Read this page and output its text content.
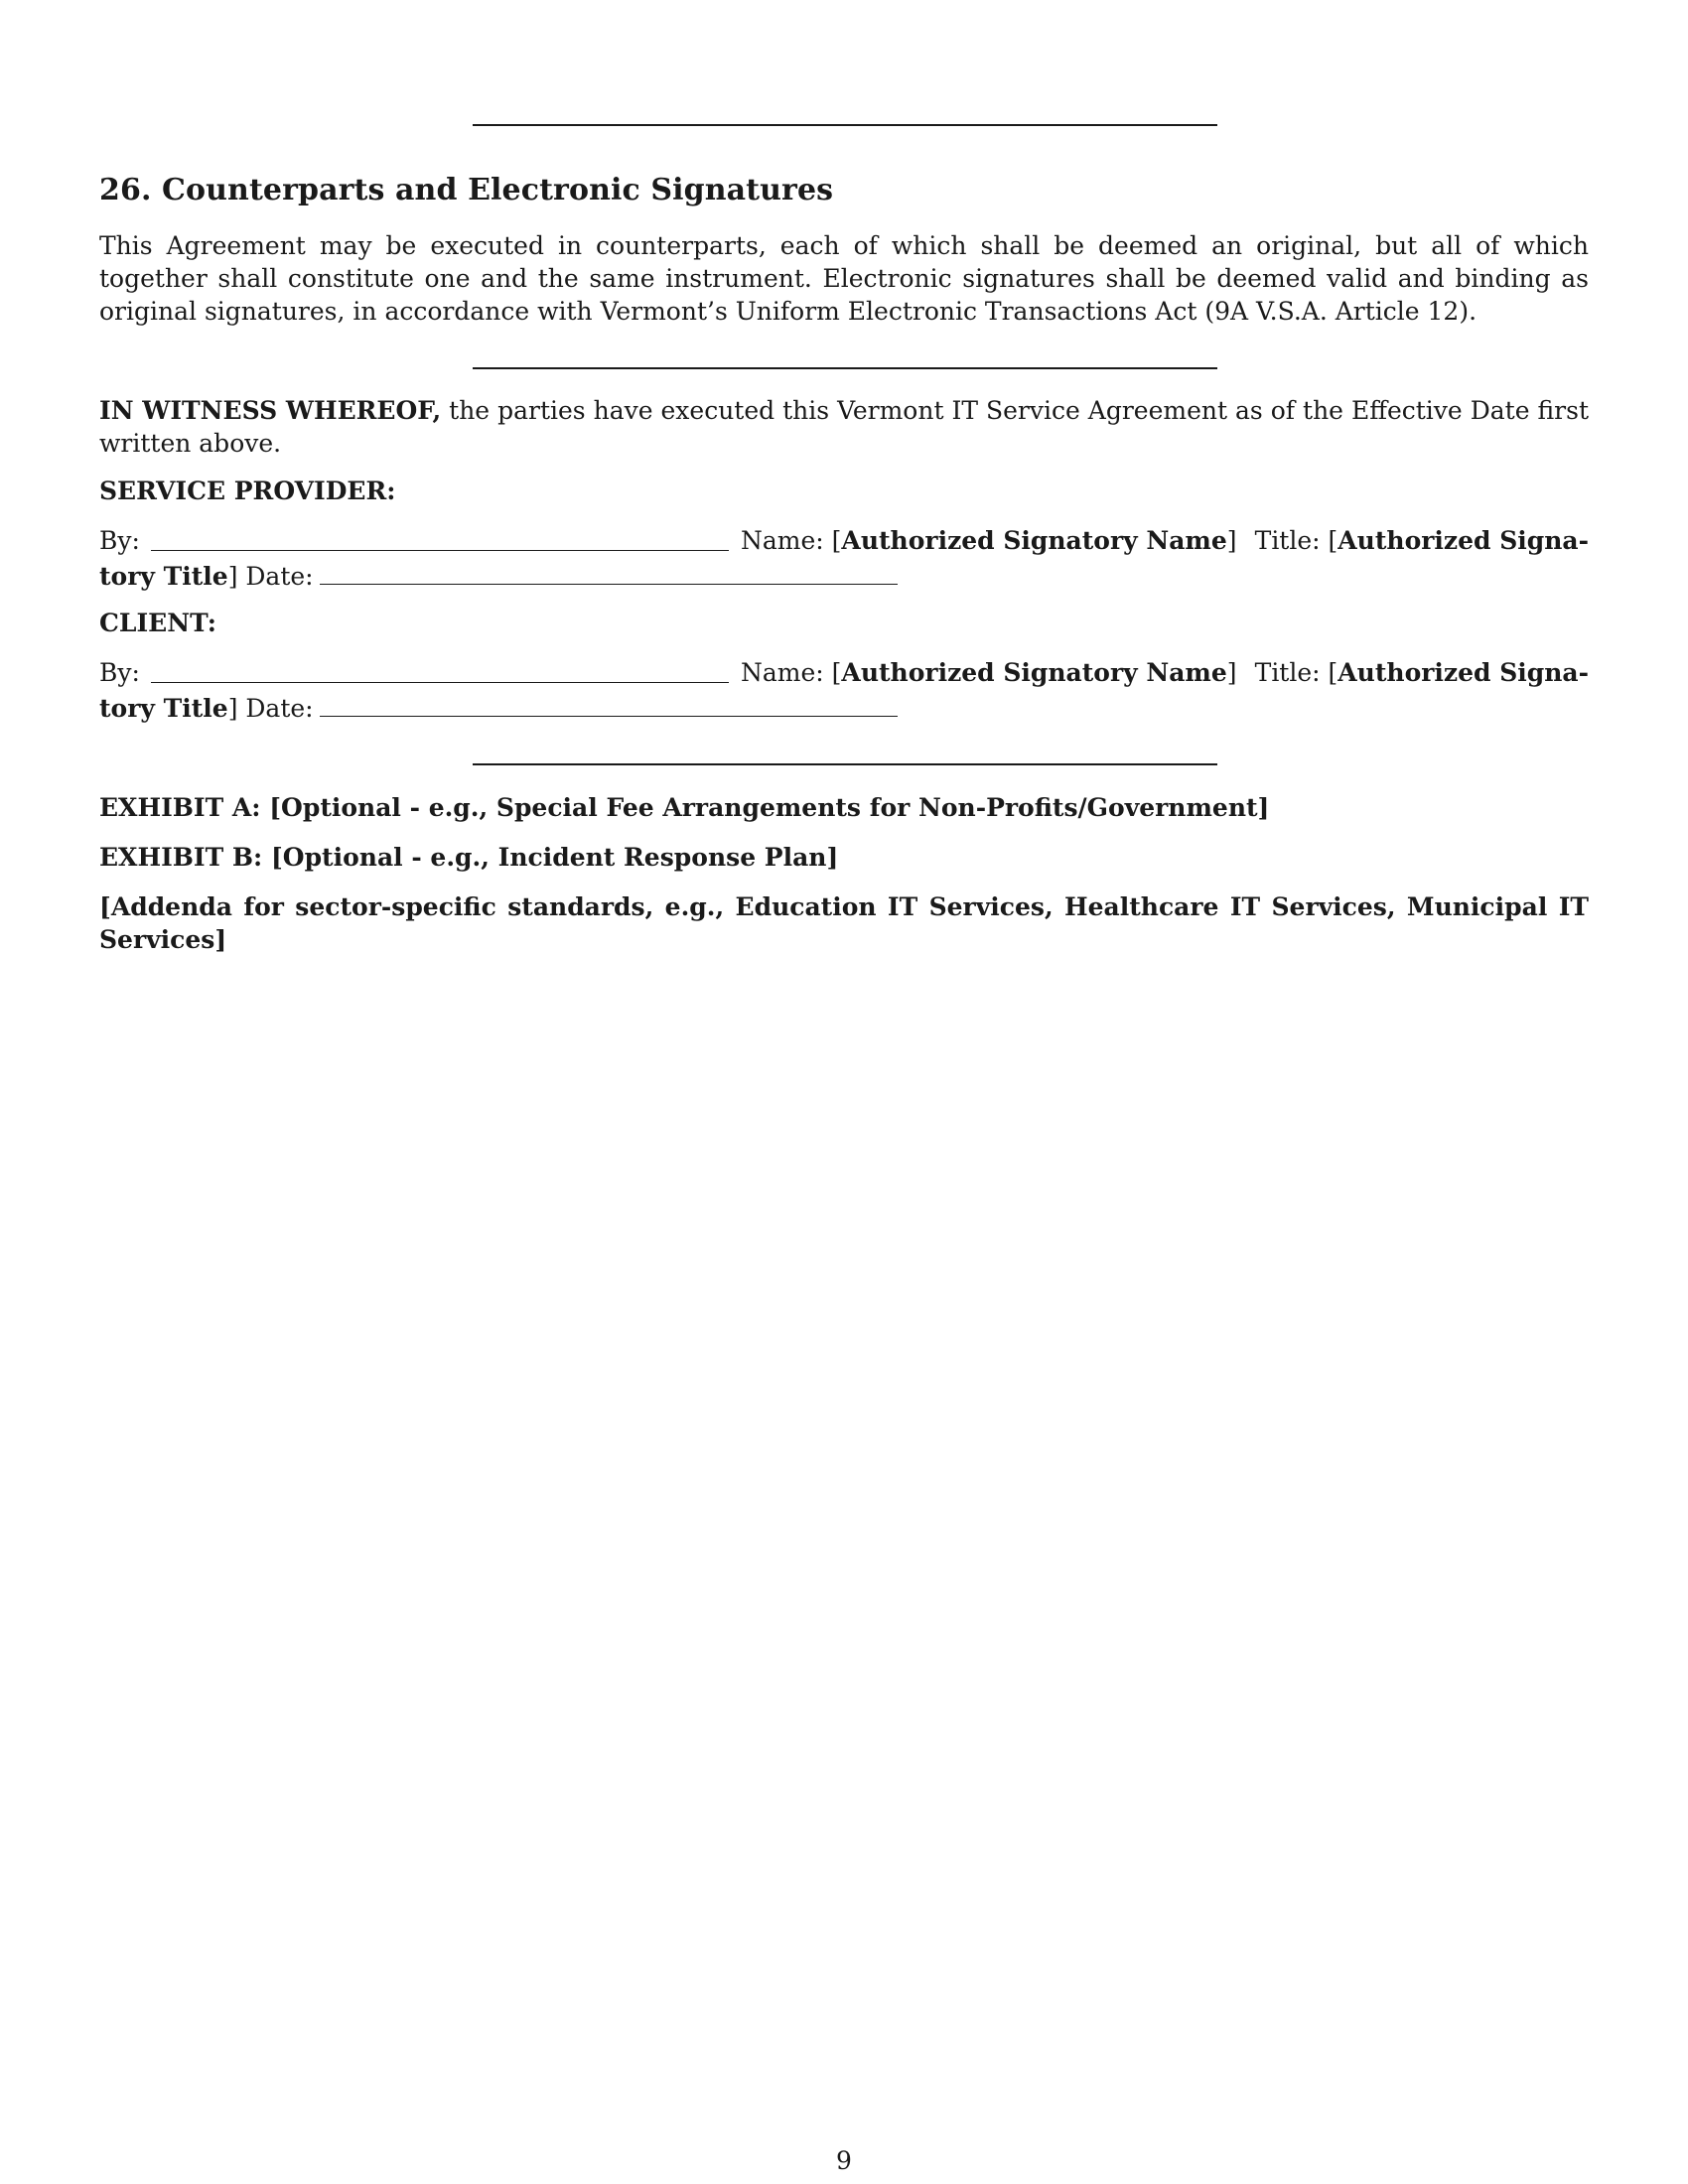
26. Counterparts and Electronic Signatures

This Agreement may be executed in counterparts, each of which shall be deemed an original, but all of which together shall constitute one and the same instrument. Electronic signatures shall be deemed valid and binding as original signatures, in accordance with Vermont’s Uniform Electronic Transactions Act (9A V.S.A. Article 12).

IN WITNESS WHEREOF, the parties have executed this Vermont IT Service Agreement as of the Effective Date first written above.

SERVICE PROVIDER:

By:	Name: [Authorized Signatory Name] Title: [Authorized Signa-
tory Title] Date:

CLIENT:

By:	Name: [Authorized Signatory Name] Title: [Authorized Signa-
tory Title] Date:

EXHIBIT A: [Optional - e.g., Special Fee Arrangements for Non-Profits/Government]

EXHIBIT B: [Optional - e.g., Incident Response Plan]

[Addenda for sector-specific standards, e.g., Education IT Services, Healthcare IT Services, Municipal IT Services]

9
